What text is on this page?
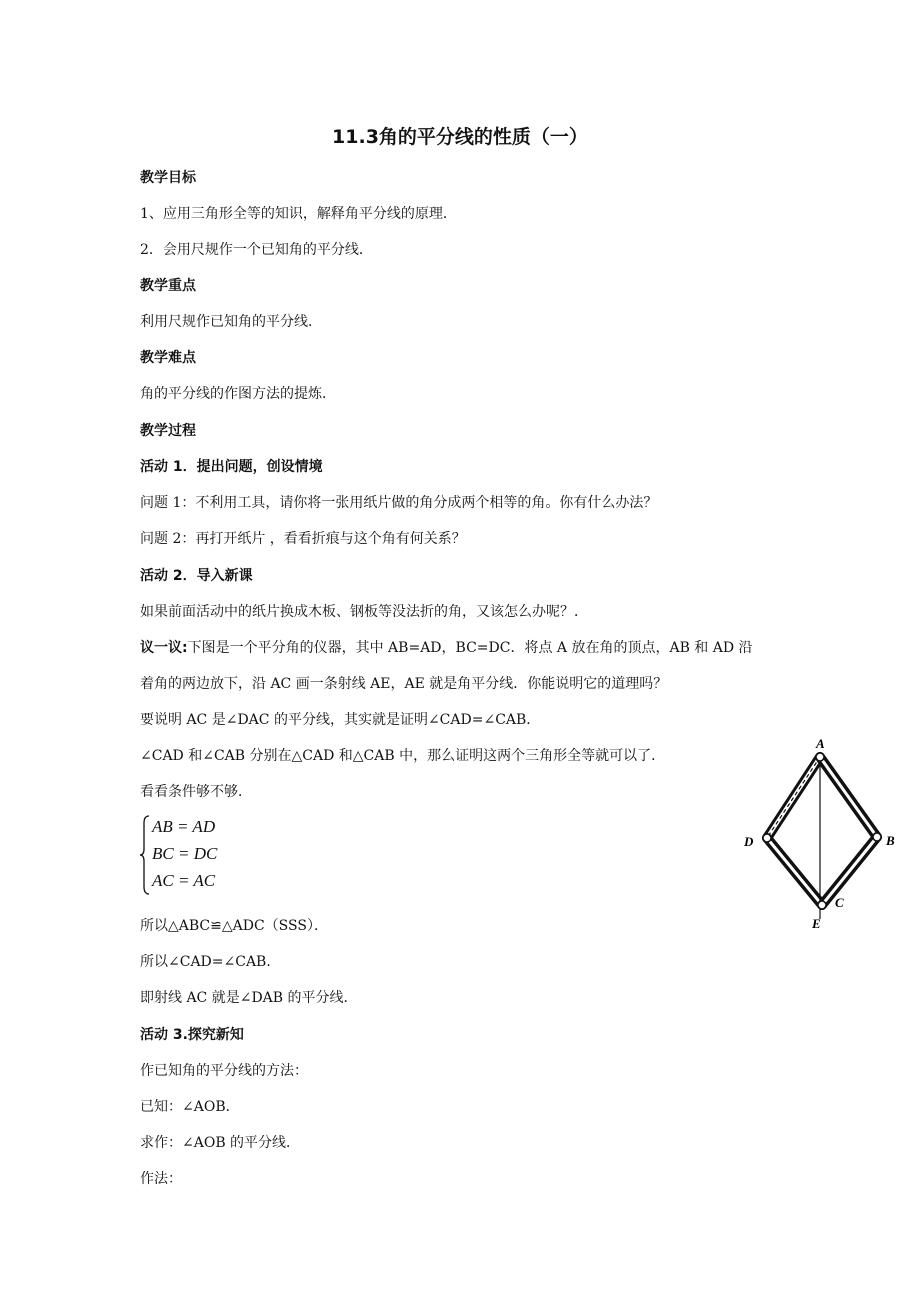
11.3角的平分线的性质（一）
教学目标
1、应用三角形全等的知识，解释角平分线的原理．
2．会用尺规作一个已知角的平分线．
教学重点
利用尺规作已知角的平分线．
教学难点
角的平分线的作图方法的提炼．
教学过程
活动 1．提出问题，创设情境
问题 1：不利用工具，请你将一张用纸片做的角分成两个相等的角。你有什么办法？
问题 2：再打开纸片 ，看看折痕与这个角有何关系？
活动 2．导入新课
如果前面活动中的纸片换成木板、钢板等没法折的角，又该怎么办呢？．
议一议:下图是一个平分角的仪器，其中 AB=AD，BC=DC．将点 A 放在角的顶点，AB 和 AD 沿
着角的两边放下，沿 AC 画一条射线 AE，AE 就是角平分线．你能说明它的道理吗？
要说明 AC 是∠DAC 的平分线，其实就是证明∠CAD=∠CAB．
∠CAD 和∠CAB 分别在△CAD 和△CAB 中，那么证明这两个三角形全等就可以了．
看看条件够不够．
AB = AD
BC = DC
AC = AC
所以△ABC≌△ADC（SSS）．
所以∠CAD=∠CAB．
即射线 AC 就是∠DAB 的平分线．
活动 3.探究新知
作已知角的平分线的方法：
已知：∠AOB．
求作：∠AOB 的平分线．
作法：
A
B
C
D
E
